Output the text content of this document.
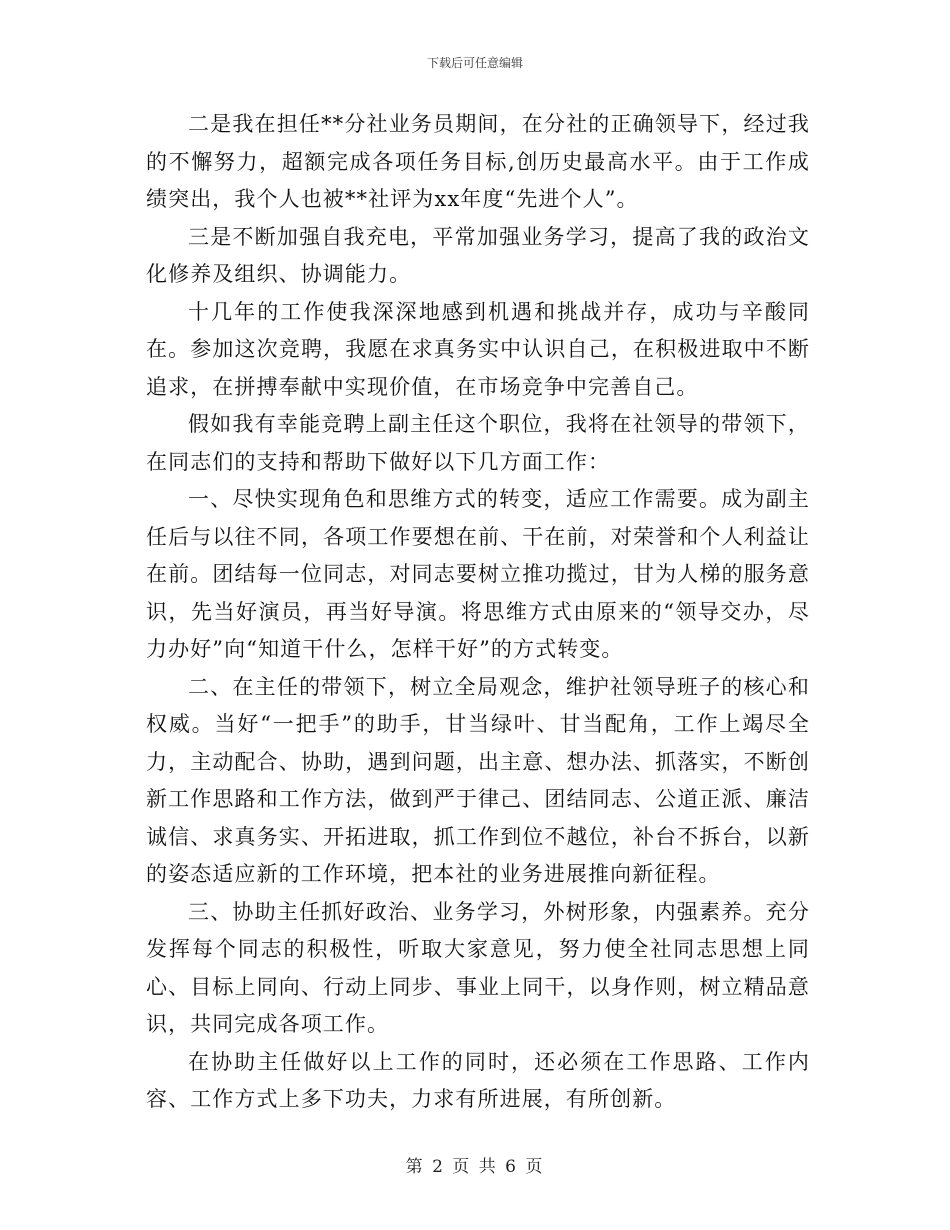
下载后可任意编辑

二是我在担任**分社业务员期间，在分社的正确领导下，经过我的不懈努力，超额完成各项任务目标,创历史最高水平。由于工作成绩突出，我个人也被**社评为xx年度“先进个人”。

三是不断加强自我充电，平常加强业务学习，提高了我的政治文化修养及组织、协调能力。

十几年的工作使我深深地感到机遇和挑战并存，成功与辛酸同在。参加这次竞聘，我愿在求真务实中认识自己，在积极进取中不断追求，在拼搏奉献中实现价值，在市场竞争中完善自己。

假如我有幸能竞聘上副主任这个职位，我将在社领导的带领下，在同志们的支持和帮助下做好以下几方面工作：

一、尽快实现角色和思维方式的转变，适应工作需要。成为副主任后与以往不同，各项工作要想在前、干在前，对荣誉和个人利益让在前。团结每一位同志，对同志要树立推功揽过，甘为人梯的服务意识，先当好演员，再当好导演。将思维方式由原来的“领导交办，尽力办好”向“知道干什么，怎样干好”的方式转变。

二、在主任的带领下，树立全局观念，维护社领导班子的核心和权威。当好“一把手”的助手，甘当绿叶、甘当配角，工作上竭尽全力，主动配合、协助，遇到问题，出主意、想办法、抓落实，不断创新工作思路和工作方法，做到严于律己、团结同志、公道正派、廉洁诚信、求真务实、开拓进取，抓工作到位不越位，补台不拆台，以新的姿态适应新的工作环境，把本社的业务进展推向新征程。

三、协助主任抓好政治、业务学习，外树形象，内强素养。充分发挥每个同志的积极性，听取大家意见，努力使全社同志思想上同心、目标上同向、行动上同步、事业上同干，以身作则，树立精品意识，共同完成各项工作。

在协助主任做好以上工作的同时，还必须在工作思路、工作内容、工作方式上多下功夫，力求有所进展，有所创新。

第 2 页 共 6 页
